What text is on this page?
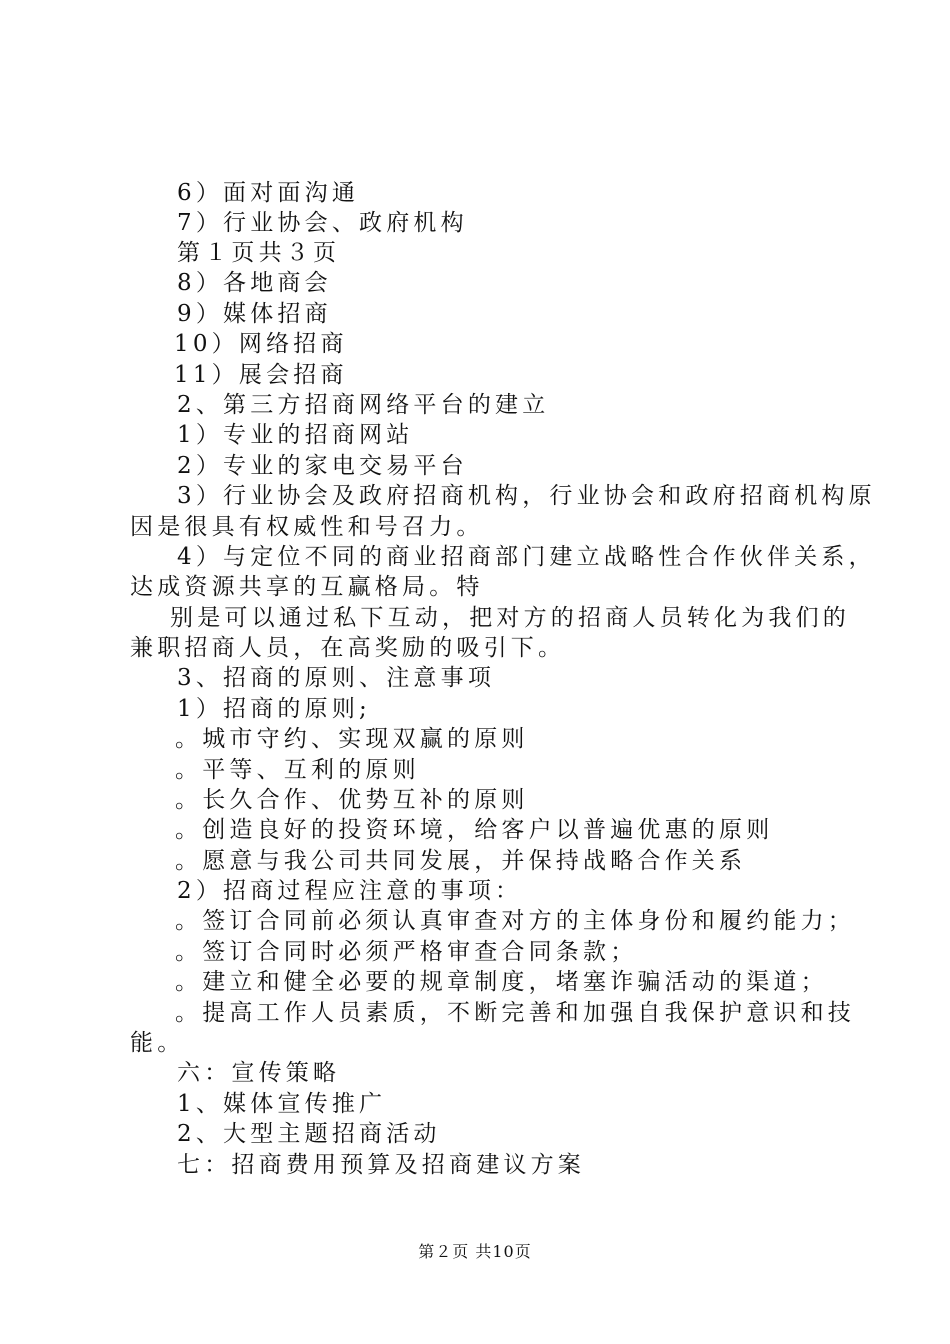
6）面对面沟通
7）行业协会、政府机构
第１页共３页
8）各地商会
9）媒体招商
10）网络招商
11）展会招商
2、第三方招商网络平台的建立
1）专业的招商网站
2）专业的家电交易平台
3）行业协会及政府招商机构，行业协会和政府招商机构原
因是很具有权威性和号召力。
4）与定位不同的商业招商部门建立战略性合作伙伴关系，
达成资源共享的互赢格局。特
别是可以通过私下互动，把对方的招商人员转化为我们的
兼职招商人员，在高奖励的吸引下。
3、招商的原则、注意事项
1）招商的原则;
。城市守约、实现双赢的原则
。平等、互利的原则
。长久合作、优势互补的原则
。创造良好的投资环境，给客户以普遍优惠的原则
。愿意与我公司共同发展，并保持战略合作关系
2）招商过程应注意的事项：
。签订合同前必须认真审查对方的主体身份和履约能力；
。签订合同时必须严格审查合同条款；
。建立和健全必要的规章制度，堵塞诈骗活动的渠道；
。提高工作人员素质，不断完善和加强自我保护意识和技
能。
六：宣传策略
1、媒体宣传推广
2、大型主题招商活动
七：招商费用预算及招商建议方案
第２页 共10页
